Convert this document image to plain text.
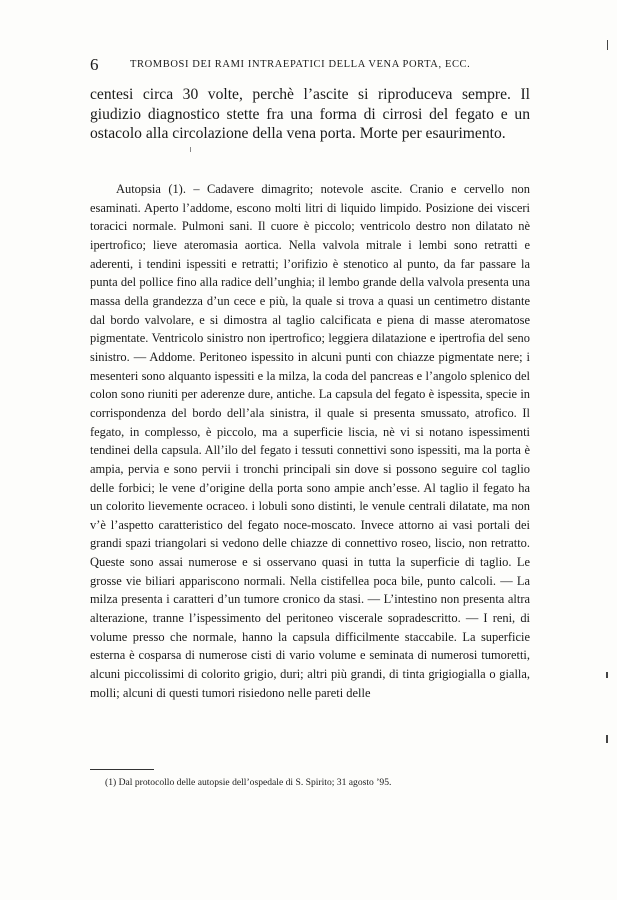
6	TROMBOSI DEI RAMI INTRAEPATICI DELLA VENA PORTA, ECC.

centesi circa 30 volte, perchè l’ascite si riproduceva sempre. Il giudizio diagnostico stette fra una forma di cirrosi del fegato e un ostacolo alla circolazione della vena porta. Morte per esaurimento.

Autopsia (1). – Cadavere dimagrito; notevole ascite. Cranio e cervello non esaminati. Aperto l’addome, escono molti litri di liquido limpido. Posizione dei visceri toracici normale. Pulmoni sani. Il cuore è piccolo; ventricolo destro non dilatato nè ipertrofico; lieve ateromasia aortica. Nella valvola mitrale i lembi sono retratti e aderenti, i tendini ispessiti e retratti; l’orifizio è stenotico al punto, da far passare la punta del pollice fino alla radice dell’unghia; il lembo grande della valvola presenta una massa della grandezza d’un cece e più, la quale si trova a quasi un centimetro distante dal bordo valvolare, e si dimostra al taglio calcificata e piena di masse ateromatose pigmentate. Ventricolo sinistro non ipertrofico; leggiera dilatazione e ipertrofia del seno sinistro. — Addome. Peritoneo ispessito in alcuni punti con chiazze pigmentate nere; i mesenteri sono alquanto ispessiti e la milza, la coda del pancreas e l’angolo splenico del colon sono riuniti per aderenze dure, antiche. La capsula del fegato è ispessita, specie in corrispondenza del bordo dell’ala sinistra, il quale si presenta smussato, atrofico. Il fegato, in complesso, è piccolo, ma a superficie liscia, nè vi si notano ispessimenti tendinei della capsula. All’ilo del fegato i tessuti connettivi sono ispessiti, ma la porta è ampia, pervia e sono pervii i tronchi principali sin dove si possono seguire col taglio delle forbici; le vene d’origine della porta sono ampie anch’esse. Al taglio il fegato ha un colorito lievemente ocraceo. i lobuli sono distinti, le venule centrali dilatate, ma non v’è l’aspetto caratteristico del fegato noce-moscato. Invece attorno ai vasi portali dei grandi spazi triangolari si vedono delle chiazze di connettivo roseo, liscio, non retratto. Queste sono assai numerose e si osservano quasi in tutta la superficie di taglio. Le grosse vie biliari appariscono normali. Nella cistifellea poca bile, punto calcoli. — La milza presenta i caratteri d’un tumore cronico da stasi. — L’intestino non presenta altra alterazione, tranne l’ispessimento del peritoneo viscerale sopradescritto. — I reni, di volume presso che normale, hanno la capsula difficilmente staccabile. La superficie esterna è cosparsa di numerose cisti di vario volume e seminata di numerosi tumoretti, alcuni piccolissimi di colorito grigio, duri; altri più grandi, di tinta grigiogialla o gialla, molli; alcuni di questi tumori risiedono nelle pareti delle

(1) Dal protocollo delle autopsie dell’ospedale di S. Spirito; 31 agosto ’95.
